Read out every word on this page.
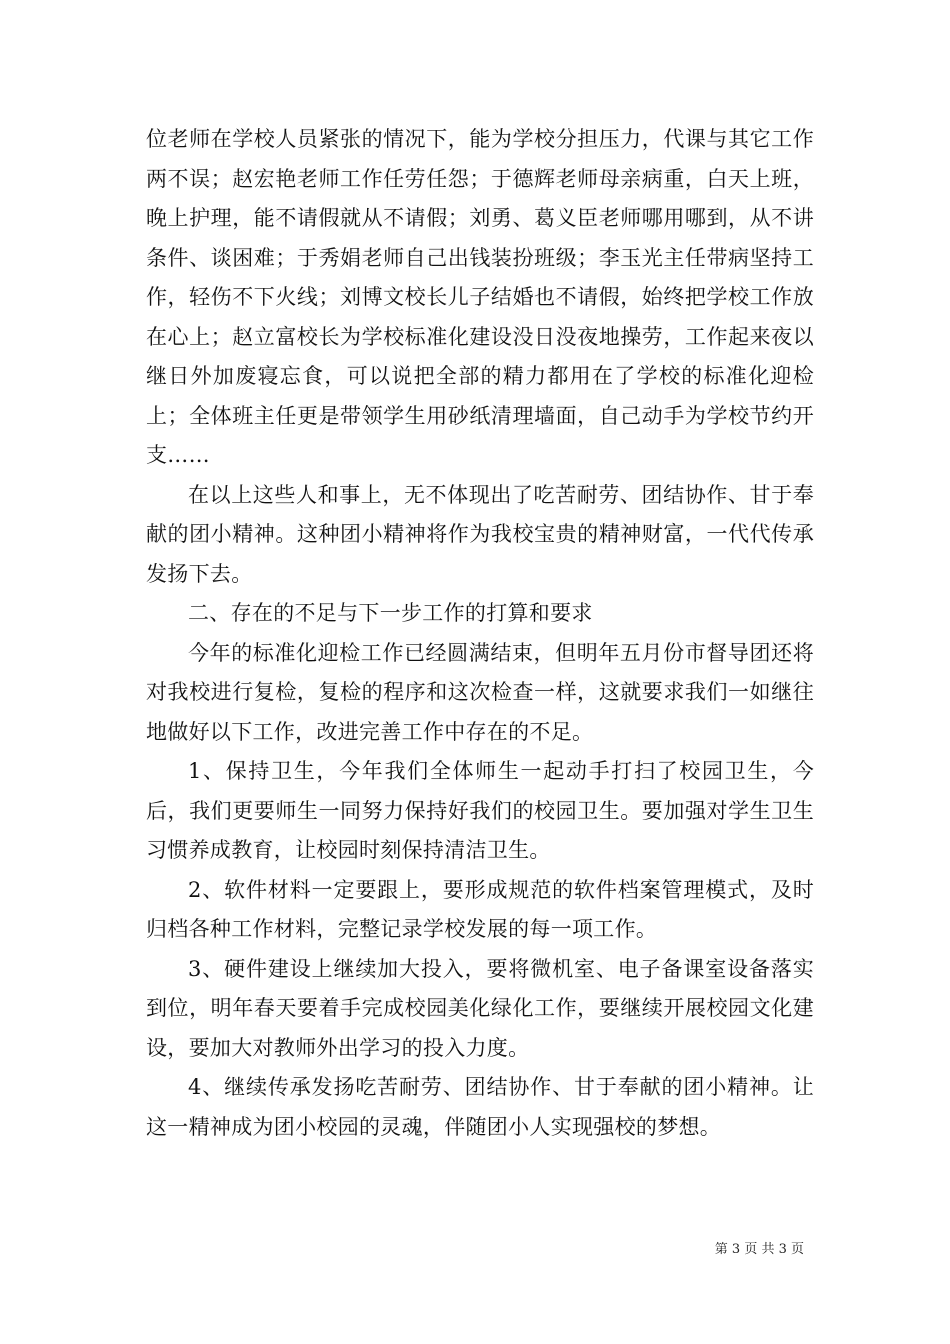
位老师在学校人员紧张的情况下，能为学校分担压力，代课与其它工作两不误；赵宏艳老师工作任劳任怨；于德辉老师母亲病重，白天上班，晚上护理，能不请假就从不请假；刘勇、葛义臣老师哪用哪到，从不讲条件、谈困难；于秀娟老师自己出钱装扮班级；李玉光主任带病坚持工作，轻伤不下火线；刘博文校长儿子结婚也不请假，始终把学校工作放在心上；赵立富校长为学校标准化建设没日没夜地操劳，工作起来夜以继日外加废寝忘食，可以说把全部的精力都用在了学校的标准化迎检上；全体班主任更是带领学生用砂纸清理墙面，自己动手为学校节约开支……

在以上这些人和事上，无不体现出了吃苦耐劳、团结协作、甘于奉献的团小精神。这种团小精神将作为我校宝贵的精神财富，一代代传承发扬下去。

二、存在的不足与下一步工作的打算和要求

今年的标准化迎检工作已经圆满结束，但明年五月份市督导团还将对我校进行复检，复检的程序和这次检查一样，这就要求我们一如继往地做好以下工作，改进完善工作中存在的不足。

1、保持卫生，今年我们全体师生一起动手打扫了校园卫生，今后，我们更要师生一同努力保持好我们的校园卫生。要加强对学生卫生习惯养成教育，让校园时刻保持清洁卫生。

2、软件材料一定要跟上，要形成规范的软件档案管理模式，及时归档各种工作材料，完整记录学校发展的每一项工作。

3、硬件建设上继续加大投入，要将微机室、电子备课室设备落实到位，明年春天要着手完成校园美化绿化工作，要继续开展校园文化建设，要加大对教师外出学习的投入力度。

4、继续传承发扬吃苦耐劳、团结协作、甘于奉献的团小精神。让这一精神成为团小校园的灵魂，伴随团小人实现强校的梦想。

第 3 页 共 3 页
